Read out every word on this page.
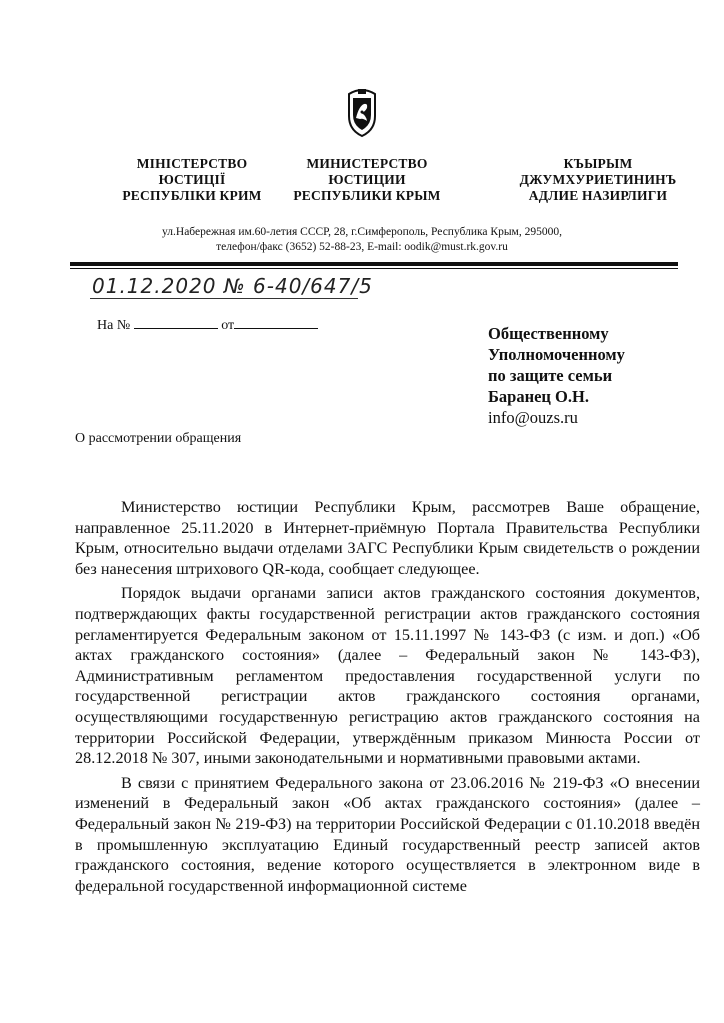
МІНІСТЕРСТВО
ЮСТИЦІЇ
РЕСПУБЛІКИ КРИМ
МИНИСТЕРСТВО
ЮСТИЦИИ
РЕСПУБЛИКИ КРЫМ
КЪЫРЫМ
ДЖУМХУРИЕТИНИНЪ
АДЛИЕ НАЗИРЛИГИ
ул.Набережная им.60-летия СССР, 28, г.Симферополь, Республика Крым, 295000,
телефон/факс (3652) 52-88-23, E-mail: oodik@must.rk.gov.ru
01.12.2020 № 6-40/647/5
На №	от	Общественному
Уполномоченному
по защите семьи
Баранец О.Н.
info@ouzs.ru
О рассмотрении обращения

Министерство юстиции Республики Крым, рассмотрев Ваше обращение, направленное 25.11.2020 в Интернет-приёмную Портала Правительства Республики Крым, относительно выдачи отделами ЗАГС Республики Крым свидетельств о рождении без нанесения штрихового QR-кода, сообщает следующее.

Порядок выдачи органами записи актов гражданского состояния документов, подтверждающих факты государственной регистрации актов гражданского состояния регламентируется Федеральным законом от 15.11.1997 № 143-ФЗ (с изм. и доп.) «Об актах гражданского состояния» (далее – Федеральный закон № 143-ФЗ), Административным регламентом предоставления государственной услуги по государственной регистрации актов гражданского состояния органами, осуществляющими государственную регистрацию актов гражданского состояния на территории Российской Федерации, утверждённым приказом Минюста России от 28.12.2018 № 307, иными законодательными и нормативными правовыми актами.

В связи с принятием Федерального закона от 23.06.2016 № 219-ФЗ «О внесении изменений в Федеральный закон «Об актах гражданского состояния» (далее – Федеральный закон № 219-ФЗ) на территории Российской Федерации с 01.10.2018 введён в промышленную эксплуатацию Единый государственный реестр записей актов гражданского состояния, ведение которого осуществляется в электронном виде в федеральной государственной информационной системе
